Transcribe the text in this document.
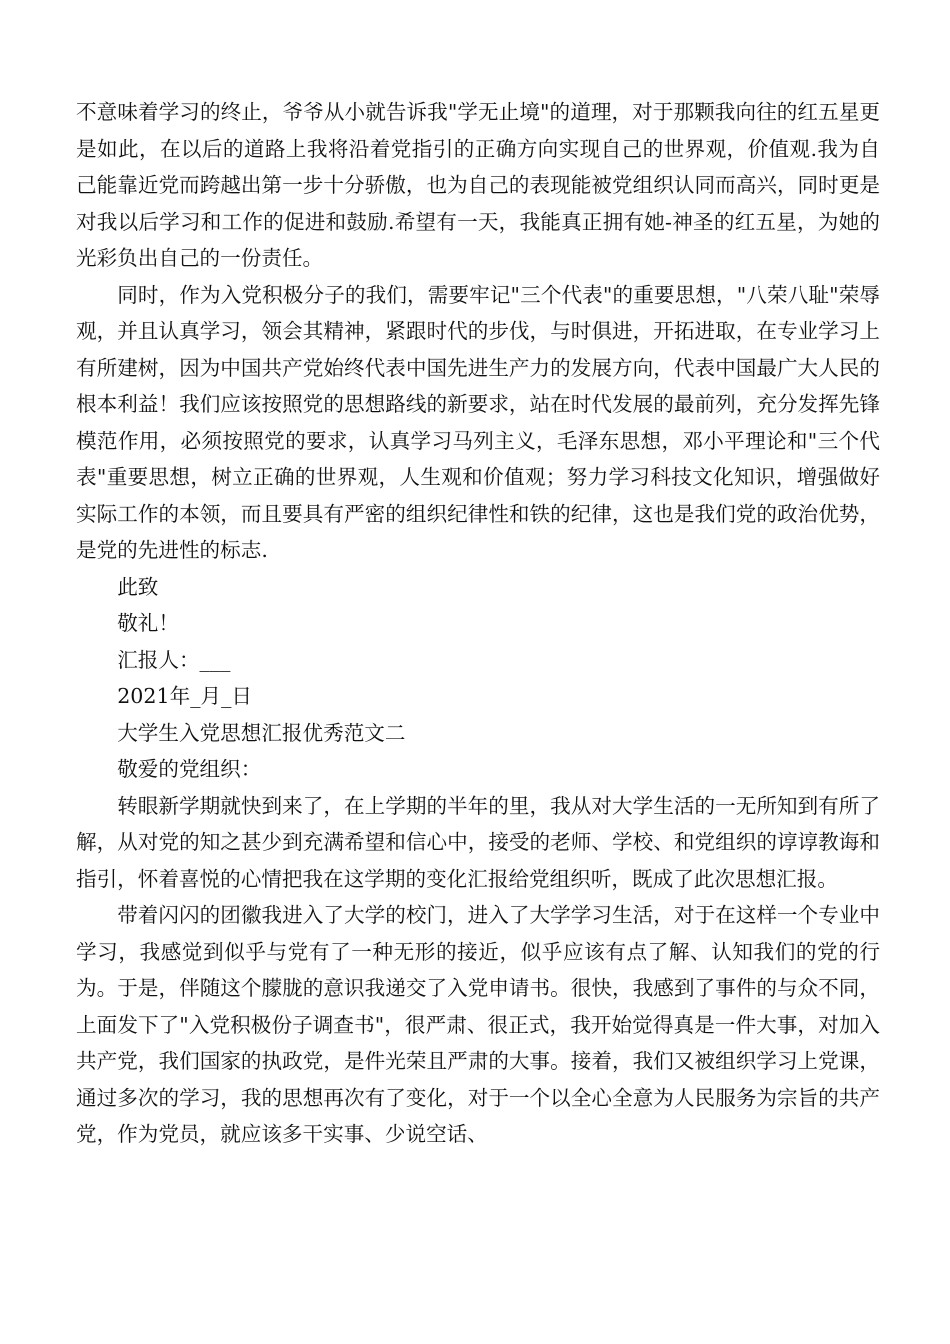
不意味着学习的终止，爷爷从小就告诉我"学无止境"的道理，对于那颗我向往的红五星更是如此，在以后的道路上我将沿着党指引的正确方向实现自己的世界观，价值观.我为自己能靠近党而跨越出第一步十分骄傲，也为自己的表现能被党组织认同而高兴，同时更是对我以后学习和工作的促进和鼓励.希望有一天，我能真正拥有她-神圣的红五星，为她的光彩负出自己的一份责任。

同时，作为入党积极分子的我们，需要牢记"三个代表"的重要思想，"八荣八耻"荣辱观，并且认真学习，领会其精神，紧跟时代的步伐，与时俱进，开拓进取，在专业学习上有所建树，因为中国共产党始终代表中国先进生产力的发展方向，代表中国最广大人民的根本利益！我们应该按照党的思想路线的新要求，站在时代发展的最前列，充分发挥先锋模范作用，必须按照党的要求，认真学习马列主义，毛泽东思想，邓小平理论和"三个代表"重要思想，树立正确的世界观，人生观和价值观；努力学习科技文化知识，增强做好实际工作的本领，而且要具有严密的组织纪律性和铁的纪律，这也是我们党的政治优势，是党的先进性的标志.

此致

敬礼！

汇报人：___

2021年_月_日

大学生入党思想汇报优秀范文二

敬爱的党组织：

转眼新学期就快到来了，在上学期的半年的里，我从对大学生活的一无所知到有所了解，从对党的知之甚少到充满希望和信心中，接受的老师、学校、和党组织的谆谆教诲和指引，怀着喜悦的心情把我在这学期的变化汇报给党组织听，既成了此次思想汇报。

带着闪闪的团徽我进入了大学的校门，进入了大学学习生活，对于在这样一个专业中学习，我感觉到似乎与党有了一种无形的接近，似乎应该有点了解、认知我们的党的行为。于是，伴随这个朦胧的意识我递交了入党申请书。很快，我感到了事件的与众不同，上面发下了"入党积极份子调查书"，很严肃、很正式，我开始觉得真是一件大事，对加入共产党，我们国家的执政党，是件光荣且严肃的大事。接着，我们又被组织学习上党课，通过多次的学习，我的思想再次有了变化，对于一个以全心全意为人民服务为宗旨的共产党，作为党员，就应该多干实事、少说空话、
